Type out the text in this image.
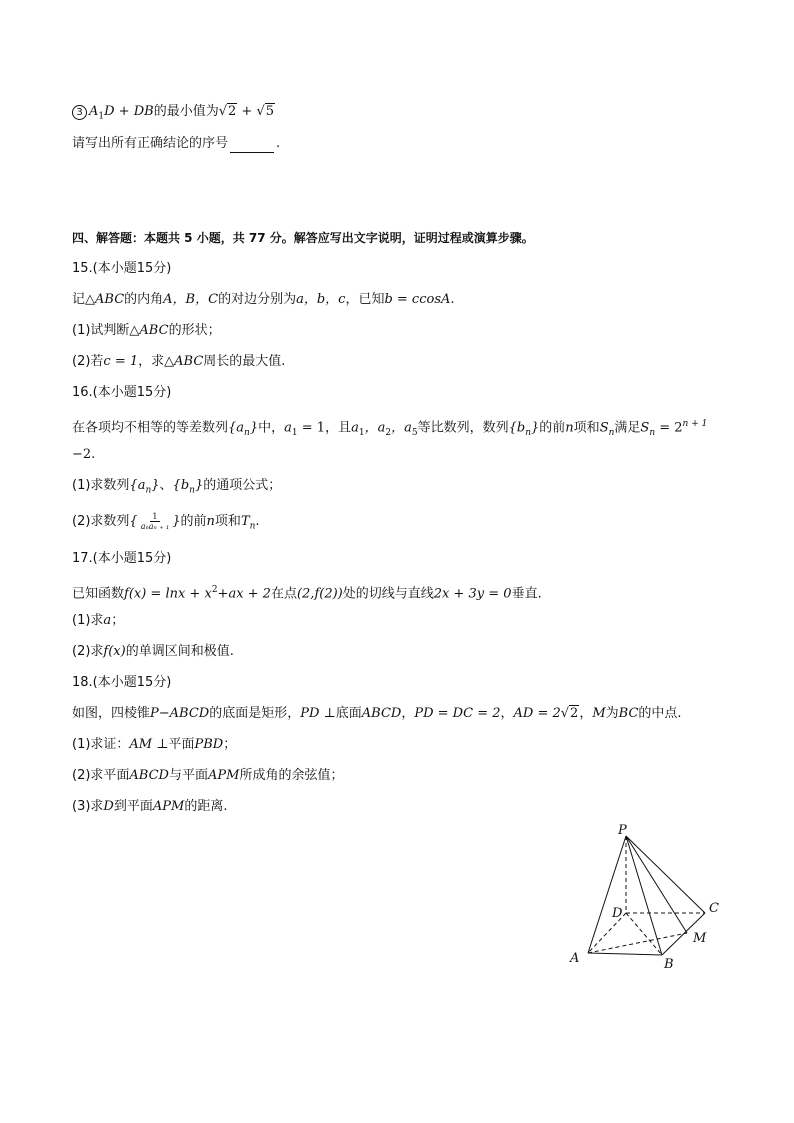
3 $A_1D$ + DB的最小值为√2 + √5
请写出所有正确结论的序号	.
四、解答题：本题共 5 小题，共 77 分。解答应写出文字说明，证明过程或演算步骤。
15.(本小题15分)
记△ABC的内角A，B，C的对边分别为a，b，c，已知b = ccosA.
(1)试判断△ABC的形状；
(2)若c = 1，求△ABC周长的最大值.
16.(本小题15分)
在各项均不相等的等差数列$\{a_n\}$中，$a_1 = 1$，且$a_1$，$a_2$，$a_5$等比数列，数列$\{b_n\}$的前n项和$S_n$满足$S_n = 2^{n + 1}$
−2.
(1)求数列$\{a_n\}$、$\{b_n\}$的通项公式；
(2)求数列{ $\frac{1}{\text{aₙaₙ ₊ ₁}}$ }的前n项和$T_n$.
17.(本小题15分)
已知函数$f(x) = \ln x + x^2+ax + 2$在点(2,f(2))处的切线与直线2x + 3y = 0垂直.
(1)求a；
(2)求f(x)的单调区间和极值.
18.(本小题15分)
如图，四棱锥P−ABCD的底面是矩形，PD ⊥底面ABCD，PD = DC = 2，AD = 2√2，M为BC的中点.
(1)求证：AM ⊥平面PBD；
(2)求平面ABCD与平面APM所成角的余弦值；
(3)求D到平面APM的距离.
P
A	B
C
D
M
